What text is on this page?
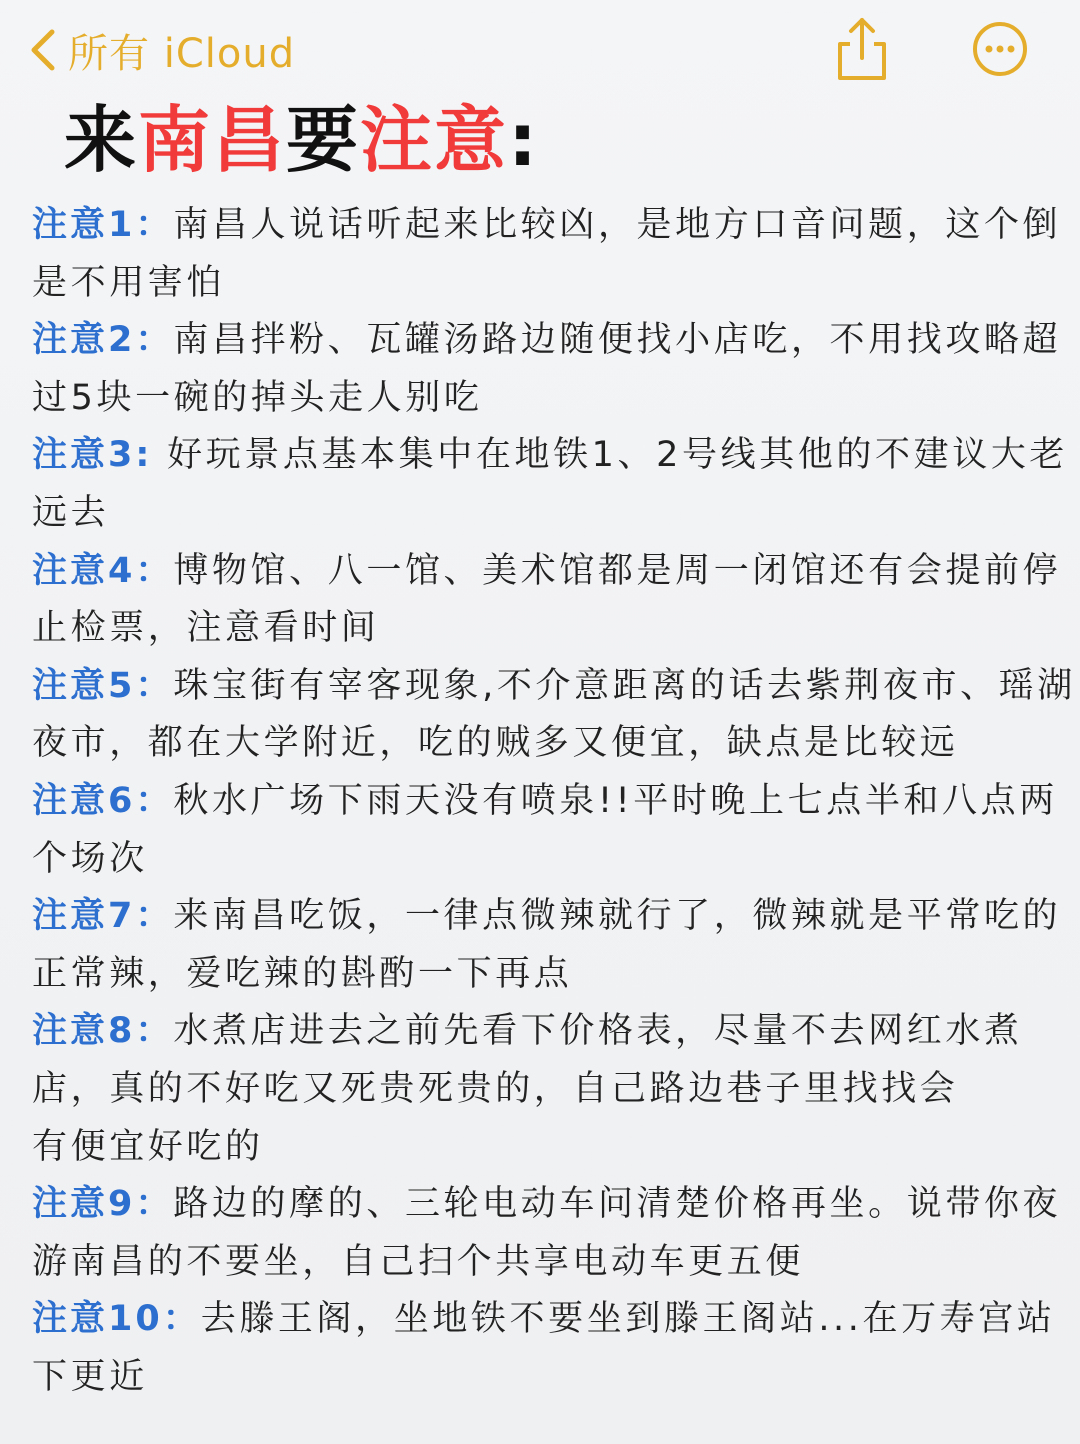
所有 iCloud
来南昌要注意:

注意1：南昌人说话听起来比较凶，是地方口音问题，这个倒是不用害怕

注意2：南昌拌粉、瓦罐汤路边随便找小店吃，不用找攻略超过5块一碗的掉头走人别吃

注意3: 好玩景点基本集中在地铁1、2号线其他的不建议大老远去

注意4：博物馆、八一馆、美术馆都是周一闭馆还有会提前停止检票，注意看时间

注意5：珠宝街有宰客现象,不介意距离的话去紫荆夜市、瑶湖夜市，都在大学附近，吃的贼多又便宜，缺点是比较远

注意6：秋水广场下雨天没有喷泉!!平时晚上七点半和八点两个场次

注意7：来南昌吃饭，一律点微辣就行了，微辣就是平常吃的正常辣，爱吃辣的斟酌一下再点

注意8：水煮店进去之前先看下价格表，尽量不去网红水煮店，真的不好吃又死贵死贵的，自己路边巷子里找找会
有便宜好吃的

注意9：路边的摩的、三轮电动车问清楚价格再坐。说带你夜游南昌的不要坐，自己扫个共享电动车更五便

注意10：去滕王阁，坐地铁不要坐到滕王阁站...在万寿宫站下更近
